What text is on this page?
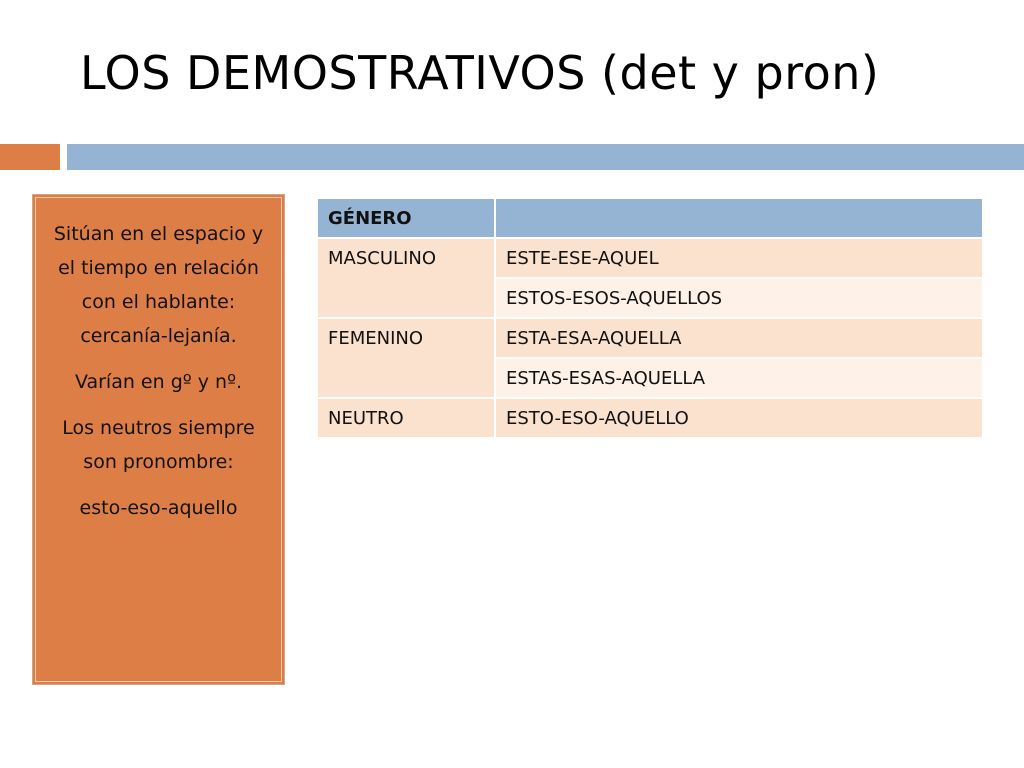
LOS DEMOSTRATIVOS (det y pron)

Sitúan en el espacio y el tiempo en relación con el hablante: cercanía-lejanía.

Varían en gº y nº.

Los neutros siempre son pronombre:

esto-eso-aquello

GÉNERO	
MASCULINO	ESTE-ESE-AQUEL
	ESTOS-ESOS-AQUELLOS
FEMENINO	ESTA-ESA-AQUELLA
	ESTAS-ESAS-AQUELLA
NEUTRO	ESTO-ESO-AQUELLO
